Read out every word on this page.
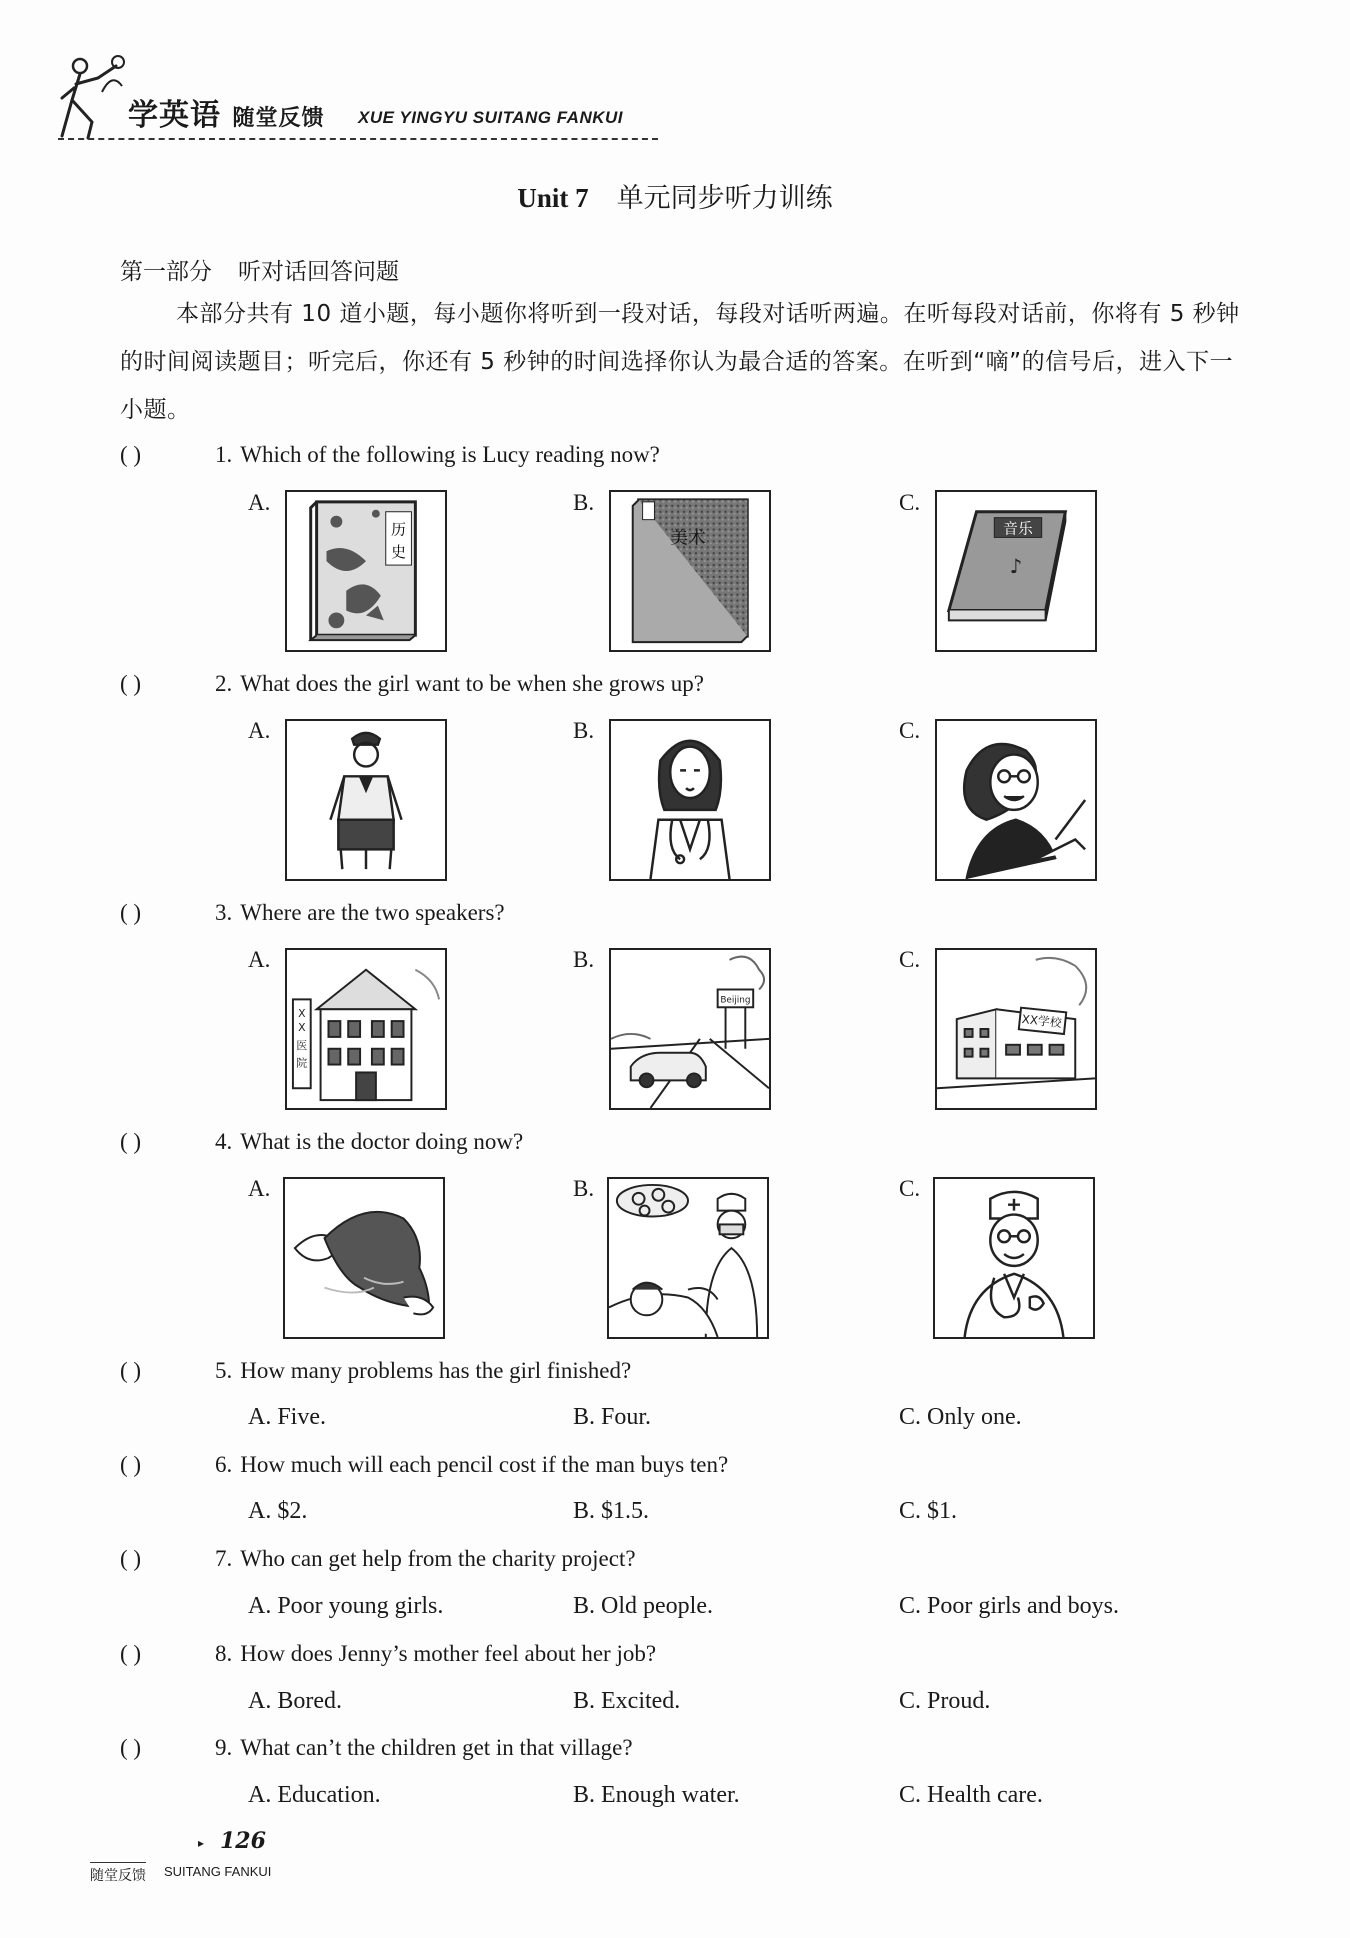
学英语 随堂反馈 XUE YINGYU SUITANG FANKUI
Unit 7 单元同步听力训练
第一部分 听对话回答问题
本部分共有 10 道小题，每小题你将听到一段对话，每段对话听两遍。在听每段对话前，你将有 5 秒钟的时间阅读题目；听完后，你还有 5 秒钟的时间选择你认为最合适的答案。在听到“嘀”的信号后，进入下一小题。
( )	1. Which of the following is Lucy reading now?
A.
历
史
B.
美术
C.
音乐
♪
( )	2. What does the girl want to be when she grows up?
A.	B.	C.
( )	3. Where are the two speakers?
A.
X
X
医
院
B.
Beijing
C.
XX学校
( )	4. What is the doctor doing now?
A.	B.	C.
( )	5. How many problems has the girl finished?
A. Five.	B. Four.	C. Only one.
( )	6. How much will each pencil cost if the man buys ten?
A. $2.	B. $1.5.	C. $1.
( )	7. Who can get help from the charity project?
A. Poor young girls.	B. Old people.	C. Poor girls and boys.
( )	8. How does Jenny’s mother feel about her job?
A. Bored.	B. Excited.	C. Proud.
( )	9. What can’t the children get in that village?
A. Education.	B. Enough water.	C. Health care.
▸ 126
随堂反馈 SUITANG FANKUI
